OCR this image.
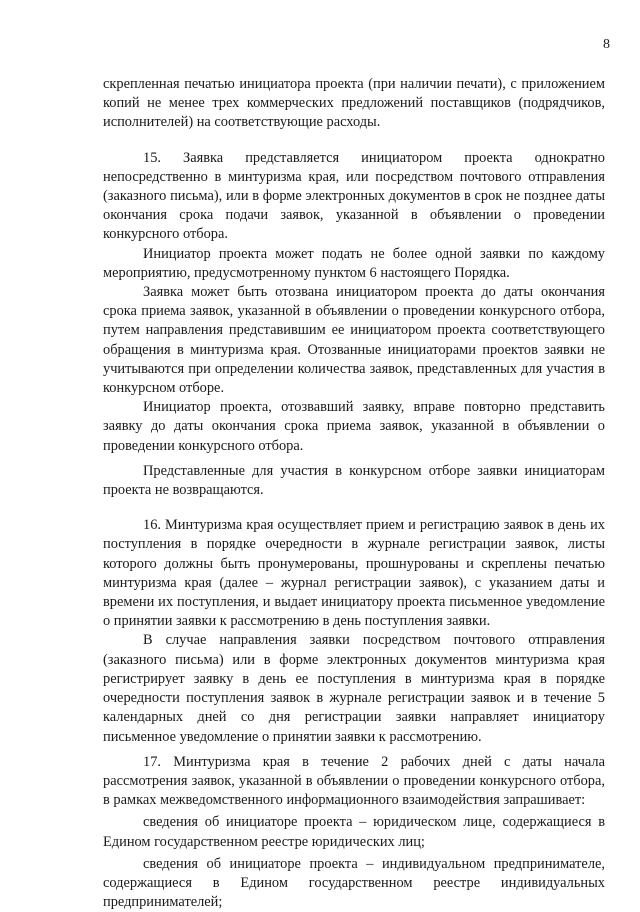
8

скрепленная печатью инициатора проекта (при наличии печати), с приложением копий не менее трех коммерческих предложений поставщиков (подрядчиков, исполнителей) на соответствующие расходы.

15. Заявка представляется инициатором проекта однократно непосредственно в минтуризма края, или посредством почтового отправления (заказного письма), или в форме электронных документов в срок не позднее даты окончания срока подачи заявок, указанной в объявлении о проведении конкурсного отбора.

Инициатор проекта может подать не более одной заявки по каждому мероприятию, предусмотренному пунктом 6 настоящего Порядка.

Заявка может быть отозвана инициатором проекта до даты окончания срока приема заявок, указанной в объявлении о проведении конкурсного отбора, путем направления представившим ее инициатором проекта соответствующего обращения в минтуризма края. Отозванные инициаторами проектов заявки не учитываются при определении количества заявок, представленных для участия в конкурсном отборе.

Инициатор проекта, отозвавший заявку, вправе повторно представить заявку до даты окончания срока приема заявок, указанной в объявлении о проведении конкурсного отбора.

Представленные для участия в конкурсном отборе заявки инициаторам проекта не возвращаются.

16. Минтуризма края осуществляет прием и регистрацию заявок в день их поступления в порядке очередности в журнале регистрации заявок, листы которого должны быть пронумерованы, прошнурованы и скреплены печатью минтуризма края (далее – журнал регистрации заявок), с указанием даты и времени их поступления, и выдает инициатору проекта письменное уведомление о принятии заявки к рассмотрению в день поступления заявки.

В случае направления заявки посредством почтового отправления (заказного письма) или в форме электронных документов минтуризма края регистрирует заявку в день ее поступления в минтуризма края в порядке очередности поступления заявок в журнале регистрации заявок и в течение 5 календарных дней со дня регистрации заявки направляет инициатору письменное уведомление о принятии заявки к рассмотрению.

17. Минтуризма края в течение 2 рабочих дней с даты начала рассмотрения заявок, указанной в объявлении о проведении конкурсного отбора, в рамках межведомственного информационного взаимодействия запрашивает:

сведения об инициаторе проекта – юридическом лице, содержащиеся в Едином государственном реестре юридических лиц;

сведения об инициаторе проекта – индивидуальном предпринимателе, содержащиеся в Едином государственном реестре индивидуальных предпринимателей;
